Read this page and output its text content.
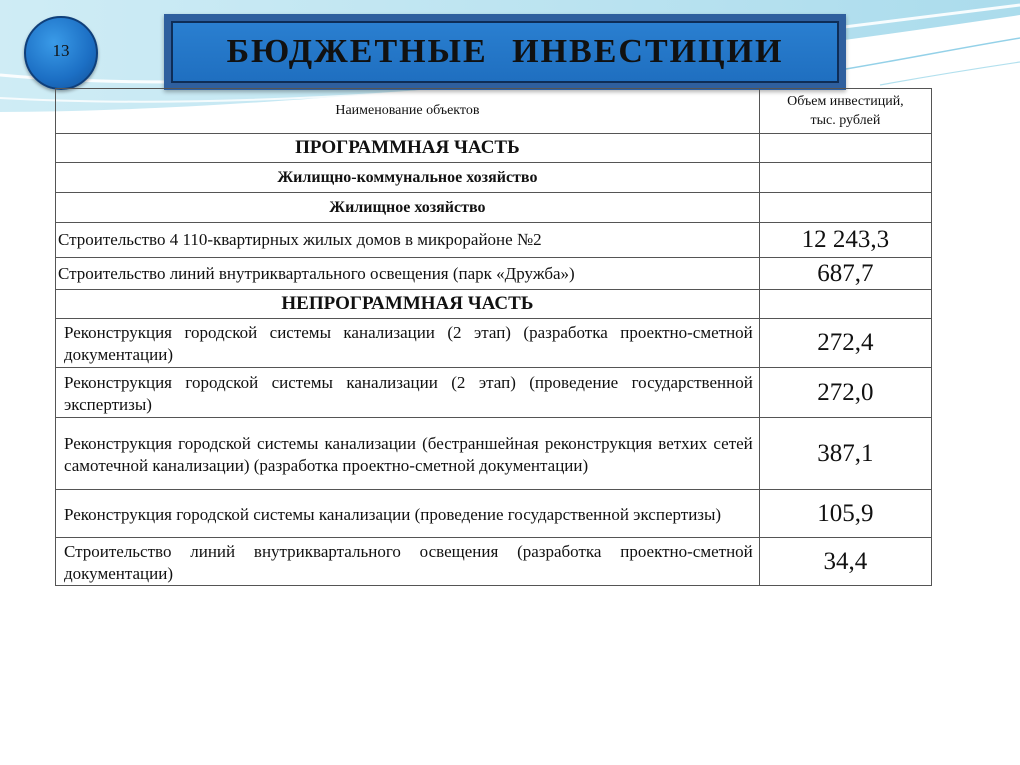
13	БЮДЖЕТНЫЕ ИНВЕСТИЦИИ
Наименование объектов	Объем инвестиций,
тыс. рублей

ПРОГРАММНАЯ ЧАСТЬ	
Жилищно-коммунальное хозяйство	
Жилищное хозяйство	
Строительство 4 110-квартирных жилых домов в микрорайоне №2	12 243,3
Строительство линий внутриквартального освещения (парк «Дружба»)	687,7
НЕПРОГРАММНАЯ ЧАСТЬ	
Реконструкция городской системы канализации (2 этап) (разработка проектно-сметной документации)	272,4
Реконструкция городской системы канализации (2 этап) (проведение государственной экспертизы)	272,0
Реконструкция городской системы канализации (бестраншейная реконструкция ветхих сетей самотечной канализации) (разработка проектно-сметной документации)	387,1
Реконструкция городской системы канализации (проведение государственной экспертизы)	105,9
Строительство линий внутриквартального освещения (разработка проектно-сметной документации)	34,4
